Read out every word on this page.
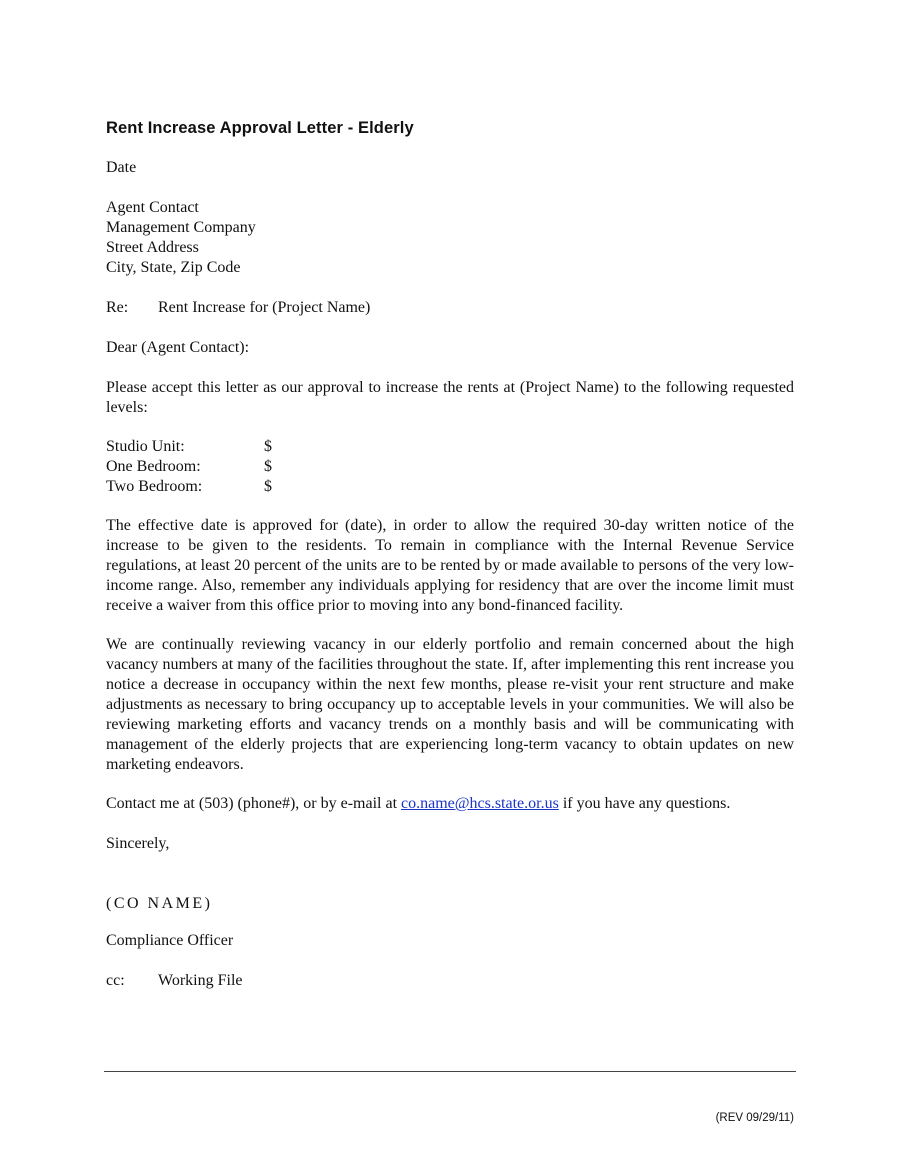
Rent Increase Approval Letter - Elderly
Date
Agent Contact
Management Company
Street Address
City, State, Zip Code
Re: Rent Increase for (Project Name)
Dear (Agent Contact):
Please accept this letter as our approval to increase the rents at (Project Name) to the following requested levels:
Studio Unit:	$
One Bedroom:	$
Two Bedroom:	$
The effective date is approved for (date), in order to allow the required 30-day written notice of the increase to be given to the residents. To remain in compliance with the Internal Revenue Service regulations, at least 20 percent of the units are to be rented by or made available to persons of the very low-income range. Also, remember any individuals applying for residency that are over the income limit must receive a waiver from this office prior to moving into any bond-financed facility.
We are continually reviewing vacancy in our elderly portfolio and remain concerned about the high vacancy numbers at many of the facilities throughout the state. If, after implementing this rent increase you notice a decrease in occupancy within the next few months, please re-visit your rent structure and make adjustments as necessary to bring occupancy up to acceptable levels in your communities. We will also be reviewing marketing efforts and vacancy trends on a monthly basis and will be communicating with management of the elderly projects that are experiencing long-term vacancy to obtain updates on new marketing endeavors.
Contact me at (503) (phone#), or by e-mail at co.name@hcs.state.or.us if you have any questions.
Sincerely,
(CO NAME)
Compliance Officer
cc: Working File
(REV 09/29/11)
